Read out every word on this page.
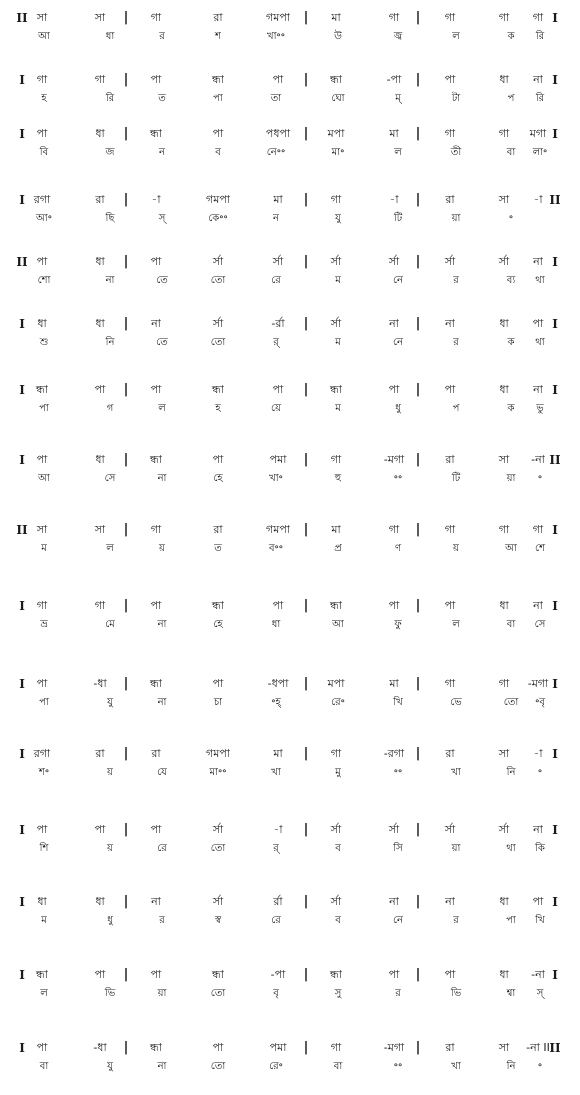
II সা	সা | গা	রা	গমপা | মা	গা | গা	গা গা I
আ	ধা	র	শ	খা॰॰	উ	জ্ব	ল	ক রি
I গা	গা | পা	ন্ধা	পা | ন্ধা	-পা | পা	ধা না I
হ	রি	ত	পা	তা	ঘো	ম্	টা	প রি
I পা	ধা | ন্ধা	পা	পধপা | মপা	মা | গা	গা মগা I
বি	জ	ন	ব	নে॰॰	মা॰	ল	তী	বা লা॰
I রগা	রা | -া	গমপা	মা | গা	-া | রা	সা -া II
আ॰	ছি	স্	কে॰॰	ন	যু	টি	য়া	॰
II পা	ধা | পা	র্সা	র্সা | র্সা	র্সা | র্সা	র্সা না I
শো	না	তে	তো	রে	ম	নে	র	ব্য থা
I ধা	ধা | না	র্সা	-র্রা | র্সা	না | না	ধা পা I
শু	নি	তে	তো	র্	ম	নে	র	ক থা
I ন্ধা	পা | পা	ন্ধা	পা | ন্ধা	পা | পা	ধা না I
পা	গ	ল	হ	য়ে	ম	ধু	প	ক ভু
I পা	ধা | ন্ধা	পা	পমা | গা	-মগা | রা	সা -না II
আ	সে	না	হে	খা॰	হু	॰॰	টি	য়া ॰
II সা	সা | গা	রা	গমপা | মা	গা | গা	গা গা I
ম	ল	য়	ত	ব॰॰	প্র	ণ	য়	আ শে
I গা	গা | পা	ন্ধা	পা | ন্ধা	পা | পা	ধা না I
ভ্র	মে	না	হে	ধা	আ	ফু	ল	বা সে
I পা	-ধা | ন্ধা	পা	-ধপা | মপা	মা | গা	গা -মগা I
পা	যু	না	চা	॰হ্	রে॰	খি	ভে	তো ॰বৃ
I রগা	রা | রা	গমপা	মা | গা	-রগা | রা	সা -া I
শ॰	য়	যে	মা॰॰	খা	মু	॰॰	খা	নি ॰
I পা	পা | পা	র্সা	-া | র্সা	র্সা | র্সা	র্সা না I
শি	য়	রে	তো	র্	ব	সি	য়া	থা কি
I ধা	ধা | না	র্সা	র্রা | র্সা	না | না	ধা পা I
ম	ধু	র	স্ব	রে	ব	নে	র	পা খি
I ন্ধা	পা | পা	ন্ধা	-পা | ন্ধা	পা | পা	ধা -না I
ল	ভি	য়া	তো	বৃ	সু	র	ভি	শ্বা স্
I পা	-ধা | ন্ধা	পা	পমা | গা	-মগা | রা	সা -না II II
বা	যু	না	তো	রে॰	বা	॰॰	খা	নি ॰
